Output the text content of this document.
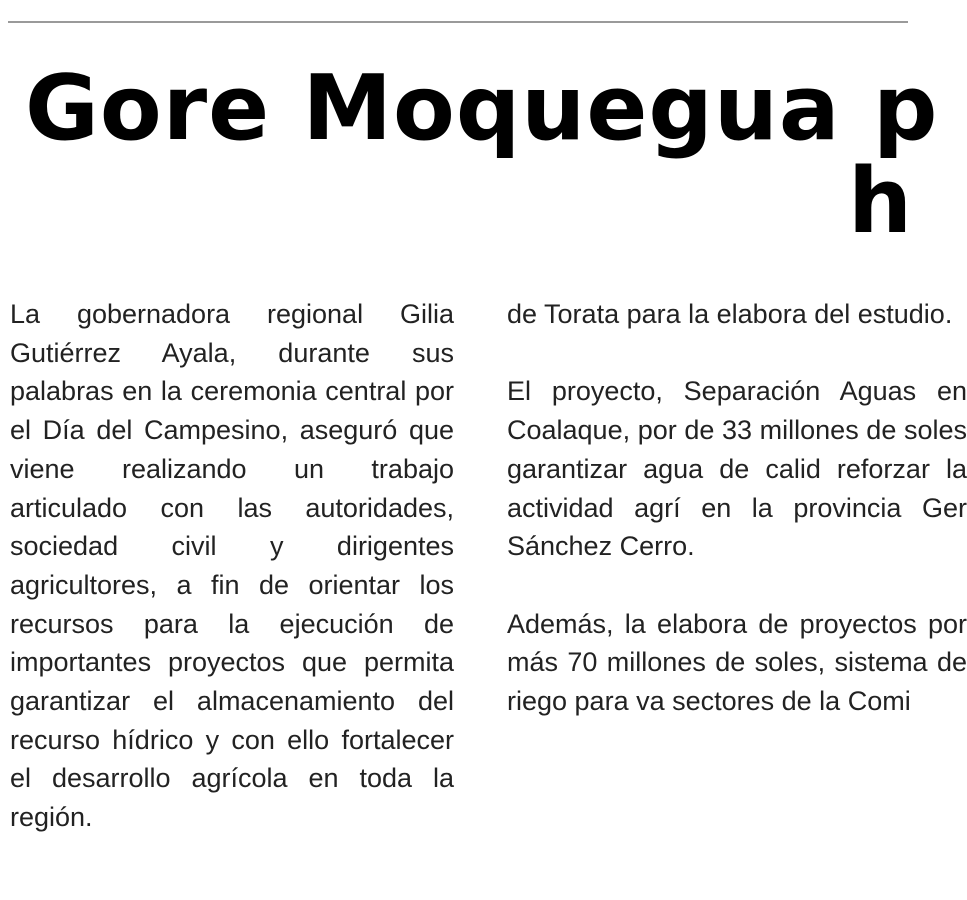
Gore Moquegua p
h

La gobernadora regional Gilia Gutiérrez Ayala, durante sus palabras en la ceremonia central por el Día del Campesino, aseguró que viene realizando un trabajo articulado con las autoridades, sociedad civil y dirigentes agricultores, a fin de orientar los recursos para la ejecución de importantes proyectos que permita garantizar el almacenamiento del recurso hídrico y con ello fortalecer el desarrollo agrícola en toda la región.

de Torata para la elabora del estudio.

El proyecto, Separación Aguas en Coalaque, por de 33 millones de soles garantizar agua de calid reforzar la actividad agrí en la provincia Ger Sánchez Cerro.

Además, la elabora de proyectos por más 70 millones de soles, sistema de riego para va sectores de la Comi
